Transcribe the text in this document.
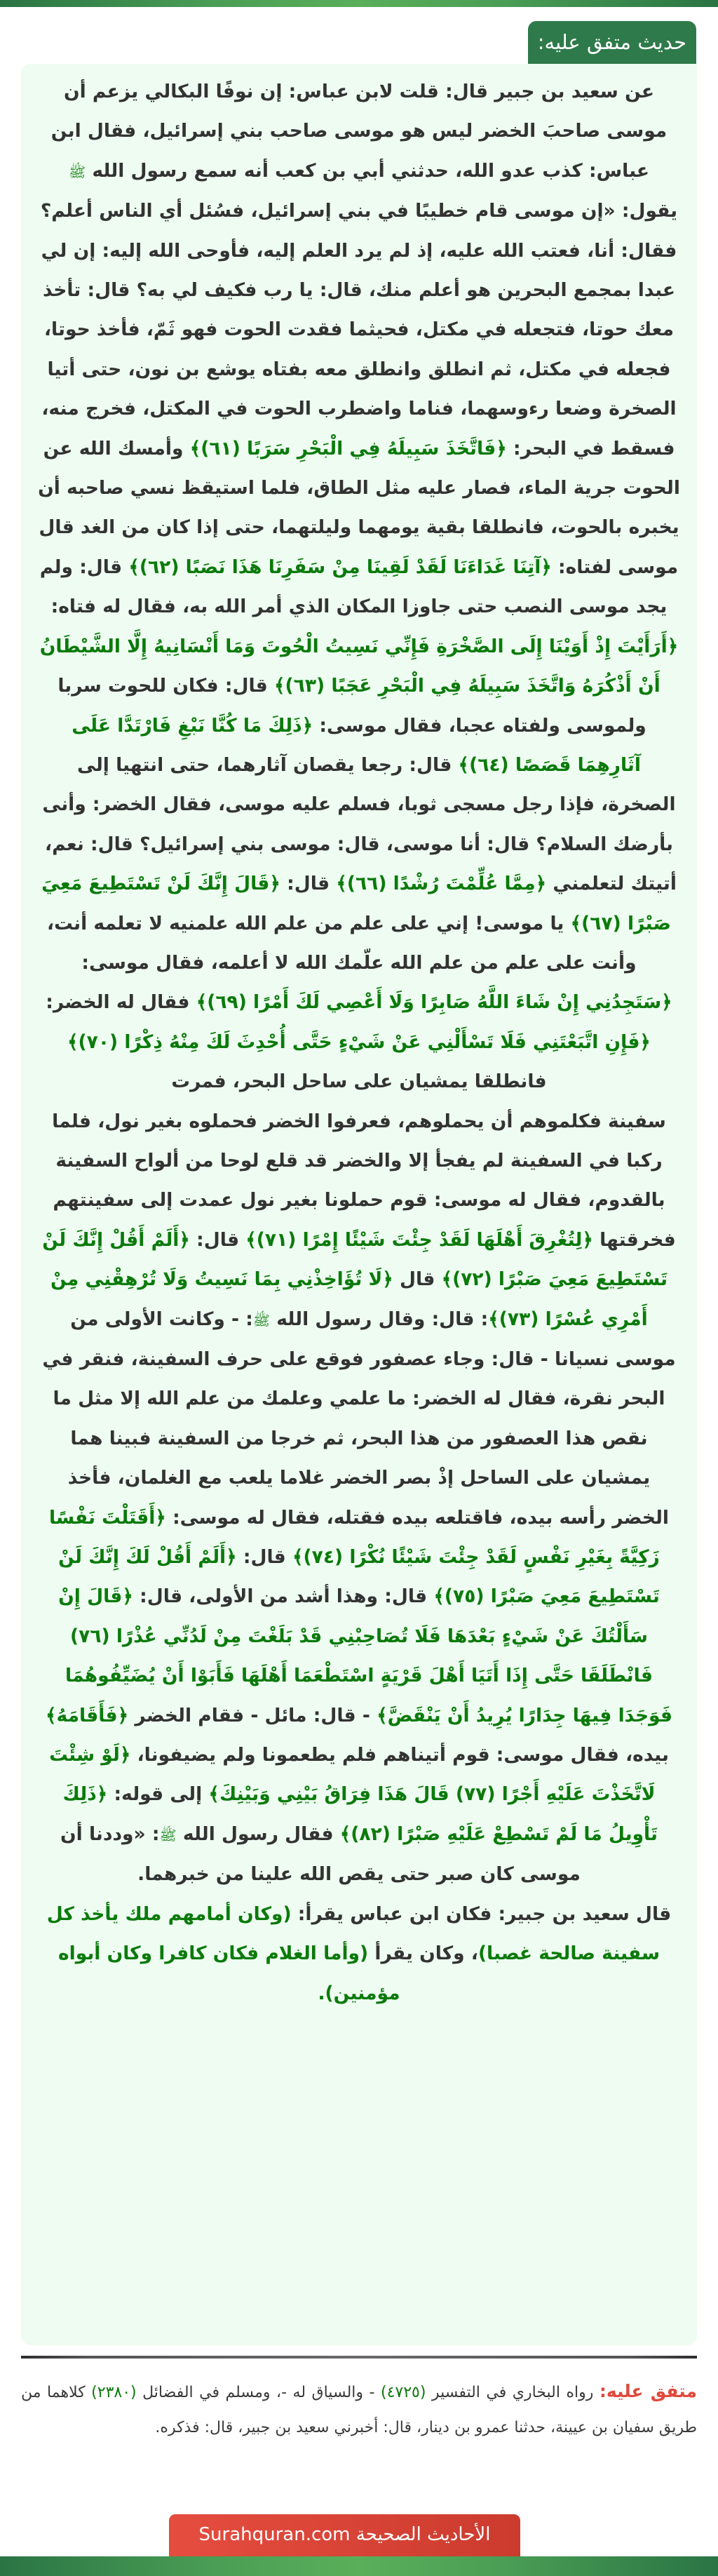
حديث متفق عليه:

عن سعيد بن جبير قال: قلت لابن عباس: إن نوفًا البكالي يزعم أن موسى صاحبَ الخضر ليس هو موسى صاحب بني إسرائيل، فقال ابن عباس: كذب عدو الله، حدثني أبي بن كعب أنه سمع رسول الله ﷺ يقول: «إن موسى قام خطيبًا في بني إسرائيل، فسُئل أي الناس أعلم؟ فقال: أنا، فعتب الله عليه، إذ لم يرد العلم إليه، فأوحى الله إليه: إن لي عبدا بمجمع البحرين هو أعلم منك، قال: يا رب فكيف لي به؟ قال: تأخذ معك حوتا، فتجعله في مكتل، فحيثما فقدت الحوت فهو ثَمّ، فأخذ حوتا، فجعله في مكتل، ثم انطلق وانطلق معه بفتاه يوشع بن نون، حتى أتيا الصخرة وضعا رءوسهما، فناما واضطرب الحوت في المكتل، فخرج منه، فسقط في البحر: ﴿فَاتَّخَذَ سَبِيلَهُ فِي الْبَحْرِ سَرَبًا (٦١)﴾ وأمسك الله عن الحوت جرية الماء، فصار عليه مثل الطاق، فلما استيقظ نسي صاحبه أن يخبره بالحوت، فانطلقا بقية يومهما وليلتهما، حتى إذا كان من الغد قال موسى لفتاه: ﴿آتِنَا غَدَاءَنَا لَقَدْ لَقِينَا مِنْ سَفَرِنَا هَذَا نَصَبًا (٦٢)﴾ قال: ولم يجد موسى النصب حتى جاوزا المكان الذي أمر الله به، فقال له فتاه: ﴿أَرَأَيْتَ إِذْ أَوَيْنَا إِلَى الصَّخْرَةِ فَإِنِّي نَسِيتُ الْحُوتَ وَمَا أَنْسَانِيهُ إِلَّا الشَّيْطَانُ أَنْ أَذْكُرَهُ وَاتَّخَذَ سَبِيلَهُ فِي الْبَحْرِ عَجَبًا (٦٣)﴾ قال: فكان للحوت سربا ولموسى ولفتاه عجبا، فقال موسى: ﴿ذَلِكَ مَا كُنَّا نَبْغِ فَارْتَدَّا عَلَى آثَارِهِمَا قَصَصًا (٦٤)﴾ قال: رجعا يقصان آثارهما، حتى انتهيا إلى الصخرة، فإذا رجل مسجى ثوبا، فسلم عليه موسى، فقال الخضر: وأنى بأرضك السلام؟ قال: أنا موسى، قال: موسى بني إسرائيل؟ قال: نعم، أتيتك لتعلمني ﴿مِمَّا عُلِّمْتَ رُشْدًا (٦٦)﴾ قال: ﴿قَالَ إِنَّكَ لَنْ تَسْتَطِيعَ مَعِيَ صَبْرًا (٦٧)﴾ يا موسى! إني على علم من علم الله علمنيه لا تعلمه أنت، وأنت على علم من علم الله علّمك الله لا أعلمه، فقال موسى: ﴿سَتَجِدُنِي إِنْ شَاءَ اللَّهُ صَابِرًا وَلَا أَعْصِي لَكَ أَمْرًا (٦٩)﴾ فقال له الخضر: ﴿فَإِنِ اتَّبَعْتَنِي فَلَا تَسْأَلْنِي عَنْ شَيْءٍ حَتَّى أُحْدِثَ لَكَ مِنْهُ ذِكْرًا (٧٠)﴾ فانطلقا يمشيان على ساحل البحر، فمرت

سفينة فكلموهم أن يحملوهم، فعرفوا الخضر فحملوه بغير نول، فلما ركبا في السفينة لم يفجأ إلا والخضر قد قلع لوحا من ألواح السفينة بالقدوم، فقال له موسى: قوم حملونا بغير نول عمدت إلى سفينتهم فخرقتها ﴿لِتُغْرِقَ أَهْلَهَا لَقَدْ جِئْتَ شَيْئًا إِمْرًا (٧١)﴾ قال: ﴿أَلَمْ أَقُلْ إِنَّكَ لَنْ تَسْتَطِيعَ مَعِيَ صَبْرًا (٧٢)﴾ قال ﴿لَا تُؤَاخِذْنِي بِمَا نَسِيتُ وَلَا تُرْهِقْنِي مِنْ أَمْرِي عُسْرًا (٧٣)﴾: قال: وقال رسول الله ﷺ: - وكانت الأولى من موسى نسيانا - قال: وجاء عصفور فوقع على حرف السفينة، فنقر في البحر نقرة، فقال له الخضر: ما علمي وعلمك من علم الله إلا مثل ما نقص هذا العصفور من هذا البحر، ثم خرجا من السفينة فبينا هما يمشيان على الساحل إذْ بصر الخضر غلاما يلعب مع الغلمان، فأخذ الخضر رأسه بيده، فاقتلعه بيده فقتله، فقال له موسى: ﴿أَقَتَلْتَ نَفْسًا زَكِيَّةً بِغَيْرِ نَفْسٍ لَقَدْ جِئْتَ شَيْئًا نُكْرًا (٧٤)﴾ قال: ﴿أَلَمْ أَقُلْ لَكَ إِنَّكَ لَنْ تَسْتَطِيعَ مَعِيَ صَبْرًا (٧٥)﴾ قال: وهذا أشد من الأولى، قال: ﴿قَالَ إِنْ سَأَلْتُكَ عَنْ شَيْءٍ بَعْدَهَا فَلَا تُصَاحِبْنِي قَدْ بَلَغْتَ مِنْ لَدُنِّي عُذْرًا (٧٦) فَانْطَلَقَا حَتَّى إِذَا أَتَيَا أَهْلَ قَرْيَةٍ اسْتَطْعَمَا أَهْلَهَا فَأَبَوْا أَنْ يُضَيِّفُوهُمَا فَوَجَدَا فِيهَا جِدَارًا يُرِيدُ أَنْ يَنْقَضَّ﴾ - قال: مائل - فقام الخضر ﴿فَأَقَامَهُ﴾ بيده، فقال موسى: قوم أتيناهم فلم يطعمونا ولم يضيفونا، ﴿لَوْ شِئْتَ لَاتَّخَذْتَ عَلَيْهِ أَجْرًا (٧٧) قَالَ هَذَا فِرَاقُ بَيْنِي وَبَيْنِكَ﴾ إلى قوله: ﴿ذَلِكَ تَأْوِيلُ مَا لَمْ تَسْطِعْ عَلَيْهِ صَبْرًا (٨٢)﴾ فقال رسول الله ﷺ: «وددنا أن موسى كان صبر حتى يقص الله علينا من خبرهما.

قال سعيد بن جبير: فكان ابن عباس يقرأ: (وكان أمامهم ملك يأخذ كل سفينة صالحة غصبا)، وكان يقرأ (وأما الغلام فكان كافرا وكان أبواه مؤمنين).

متفق عليه: رواه البخاري في التفسير (٤٧٢٥) - والسياق له -، ومسلم في الفضائل (٢٣٨٠) كلاهما من طريق سفيان بن عيينة، حدثنا عمرو بن دينار، قال: أخبرني سعيد بن جبير، قال: فذكره.

الأحاديث الصحيحة Surahquran.com
